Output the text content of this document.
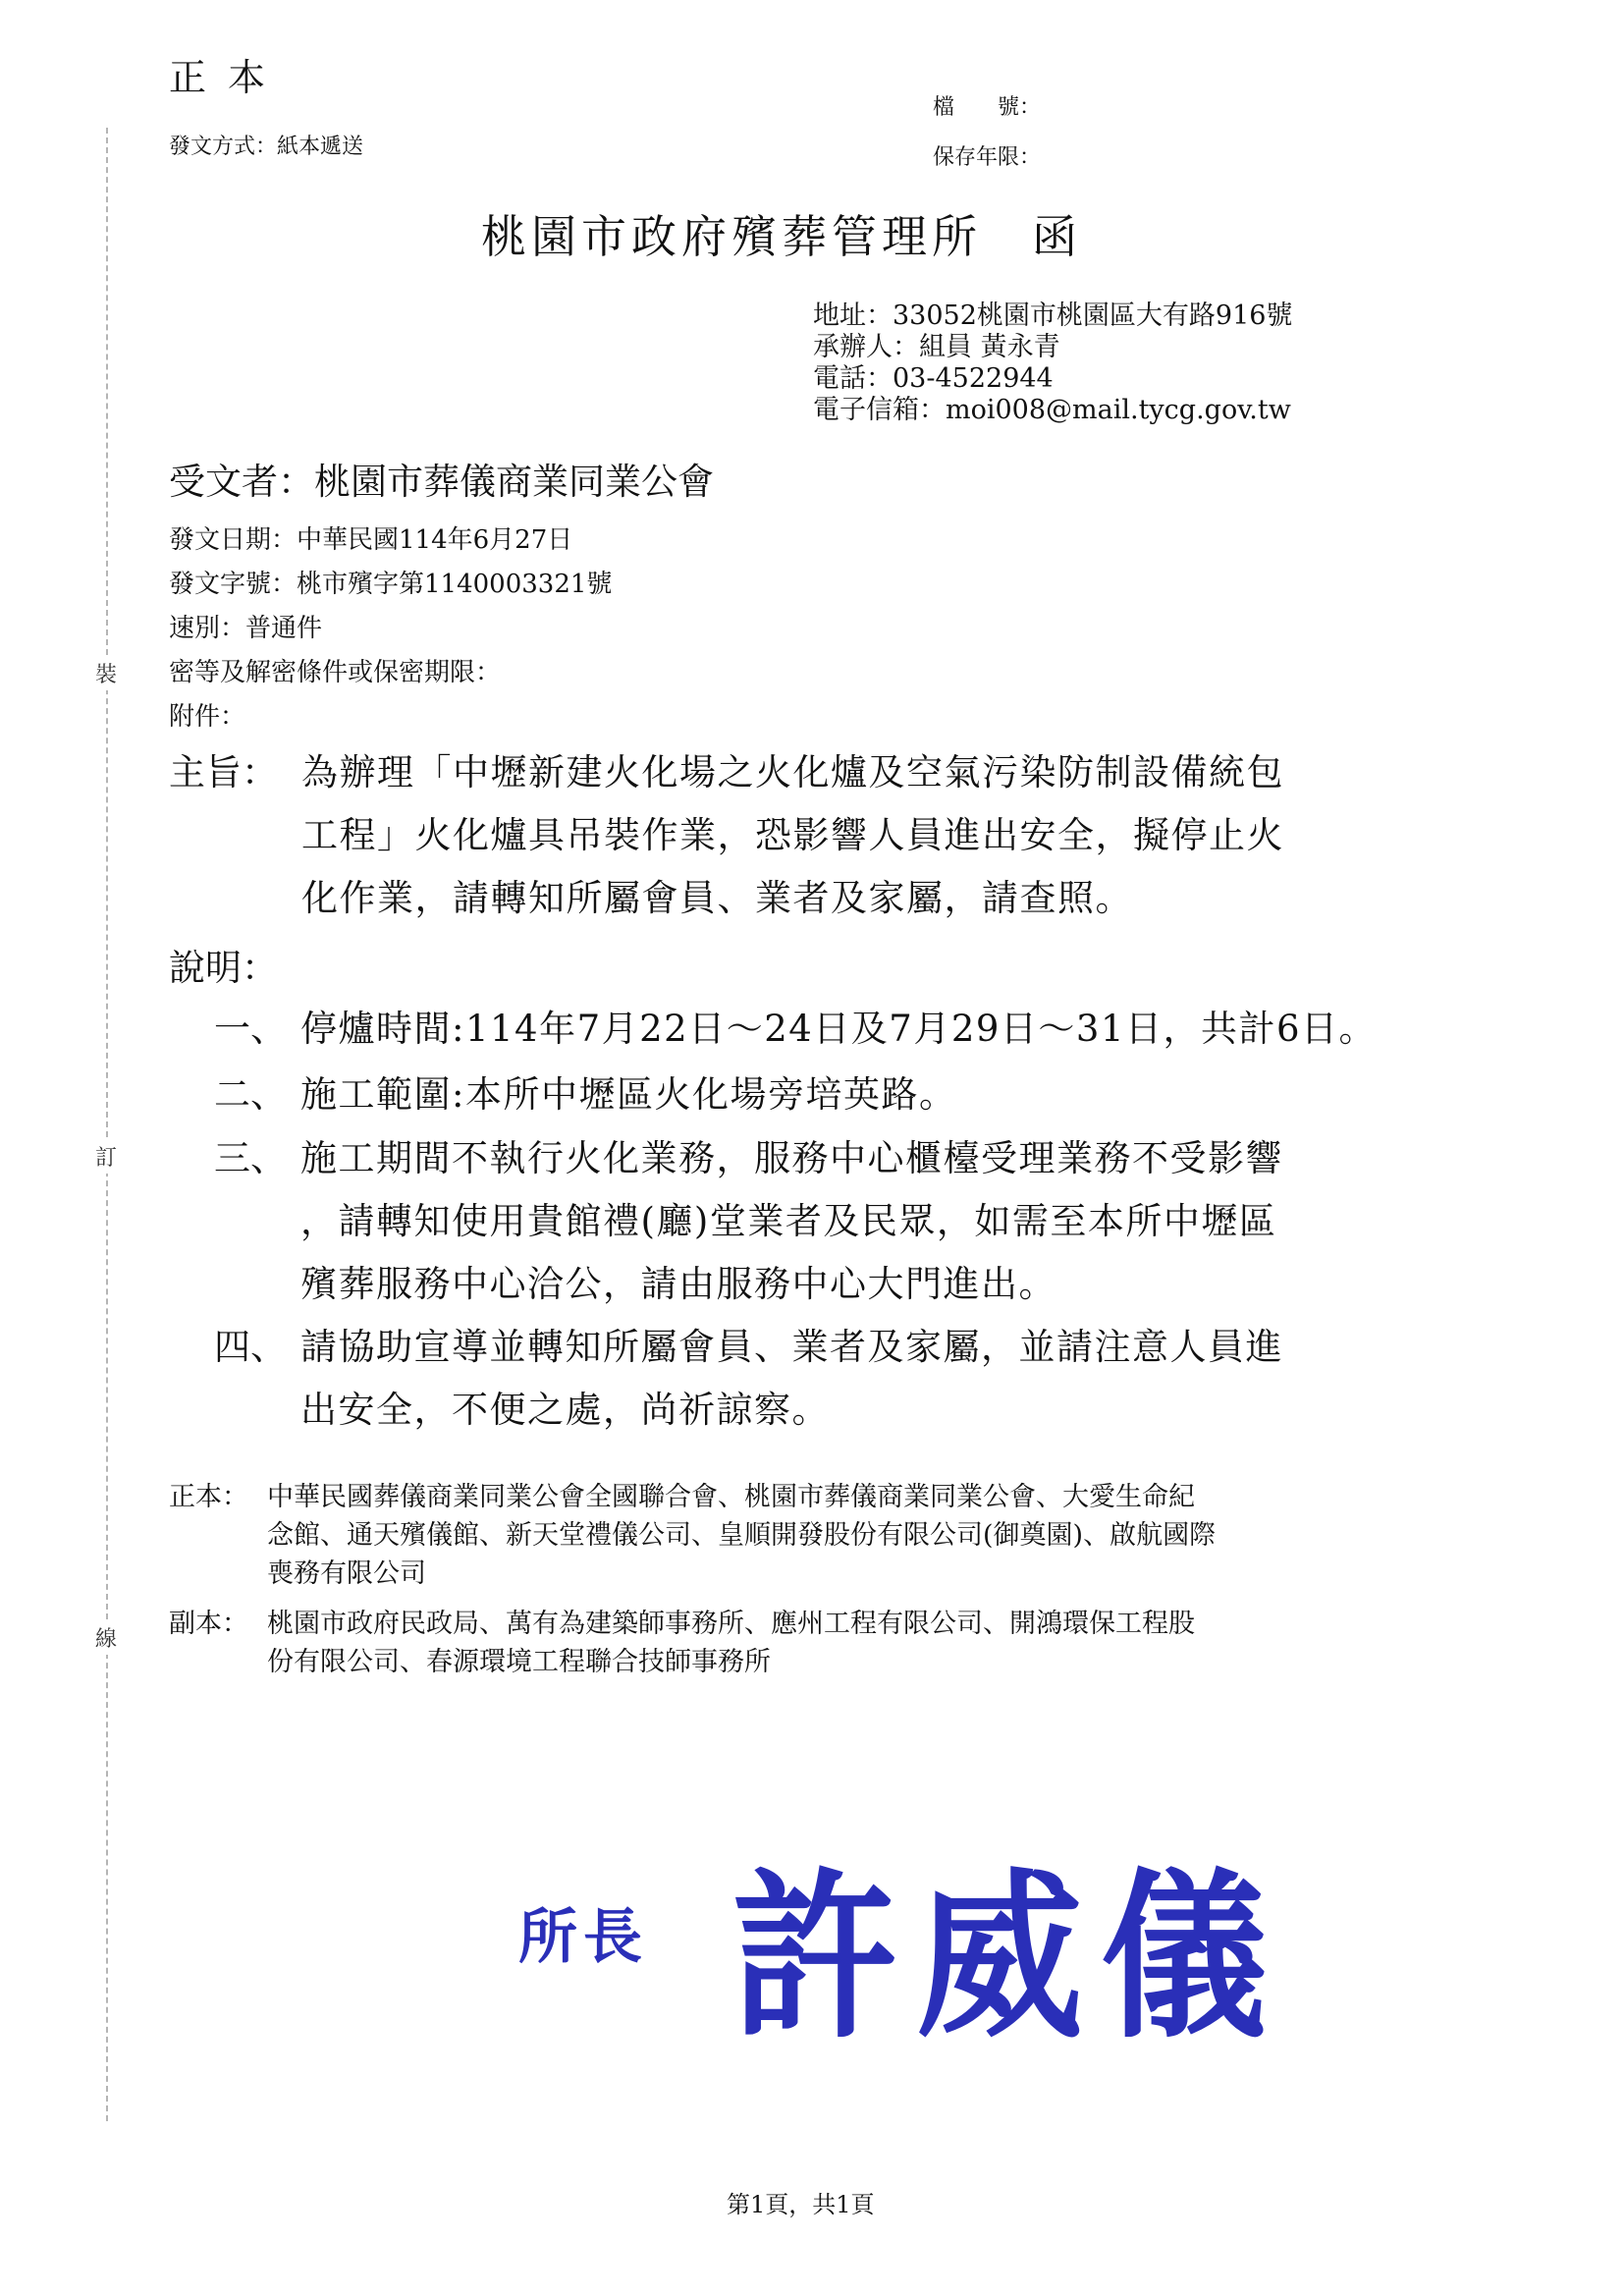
裝
訂
線
正本
發文方式：紙本遞送
檔　　號：
保存年限：
桃園市政府殯葬管理所　函
地址：33052桃園市桃園區大有路916號
承辦人：組員 黃永青
電話：03-4522944
電子信箱：moi008@mail.tycg.gov.tw
受文者：桃園市葬儀商業同業公會
發文日期：中華民國114年6月27日
發文字號：桃市殯字第1140003321號
速別：普通件
密等及解密條件或保密期限：
附件：
主旨： 為辦理「中壢新建火化場之火化爐及空氣污染防制設備統包
工程」火化爐具吊裝作業，恐影響人員進出安全，擬停止火
化作業，請轉知所屬會員、業者及家屬，請查照。
說明：
一、 停爐時間:114年7月22日～24日及7月29日～31日，共計6日。
二、 施工範圍:本所中壢區火化場旁培英路。
三、 施工期間不執行火化業務，服務中心櫃檯受理業務不受影響
，請轉知使用貴館禮(廳)堂業者及民眾，如需至本所中壢區
殯葬服務中心洽公，請由服務中心大門進出。
四、 請協助宣導並轉知所屬會員、業者及家屬，並請注意人員進
出安全，不便之處，尚祈諒察。
正本： 中華民國葬儀商業同業公會全國聯合會、桃園市葬儀商業同業公會、大愛生命紀
念館、通天殯儀館、新天堂禮儀公司、皇順開發股份有限公司(御奠園)、啟航國際
喪務有限公司
副本： 桃園市政府民政局、萬有為建築師事務所、應州工程有限公司、開鴻環保工程股
份有限公司、春源環境工程聯合技師事務所
所長 許威儀
第1頁，共1頁
